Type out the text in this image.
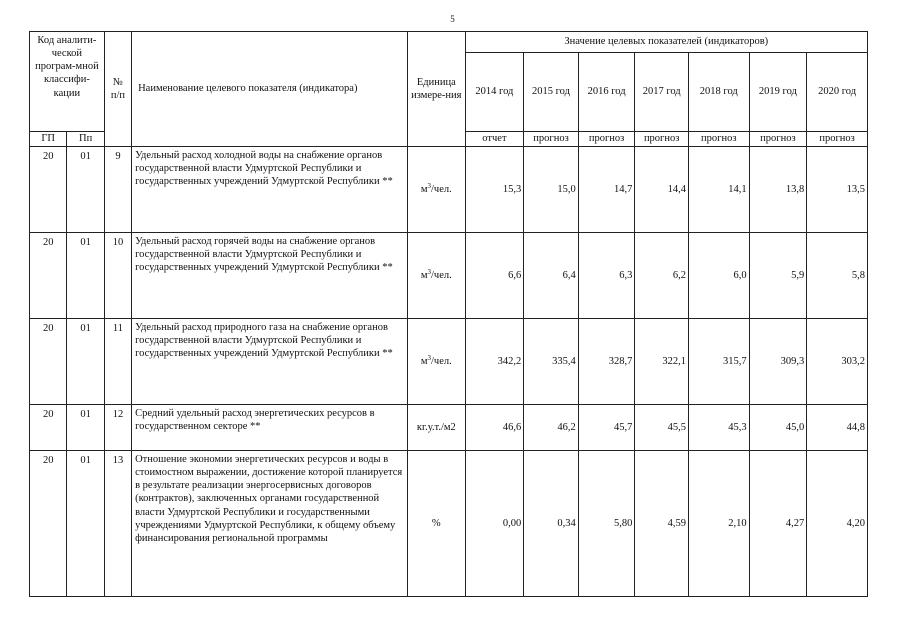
5
Код аналити-ческой програм-мной классифи-кации		№ п/п	Наименование целевого показателя (индикатора)	Единица измере-ния	Значение целевых показателей (индикаторов)						
					2014 год	2015 год	2016 год	2017 год	2018 год	2019 год	2020 год
ГП	Пп				отчет	прогноз	прогноз	прогноз	прогноз	прогноз	прогноз
20	01	9	Удельный расход холодной воды на снабжение органов государственной власти Удмуртской Республики и государственных учреждений Удмуртской Республики **	$м^3$/чел.	15,3	15,0	14,7	14,4	14,1	13,8	13,5
20	01	10	Удельный расход горячей воды на снабжение органов государственной власти Удмуртской Республики и государственных учреждений Удмуртской Республики **	$м^3$/чел.	6,6	6,4	6,3	6,2	6,0	5,9	5,8
20	01	11	Удельный расход природного газа на снабжение органов государственной власти Удмуртской Республики и государственных учреждений Удмуртской Республики **	$м^3$/чел.	342,2	335,4	328,7	322,1	315,7	309,3	303,2
20	01	12	Средний удельный расход энергетических ресурсов в государственном секторе **	кг.у.т./м2	46,6	46,2	45,7	45,5	45,3	45,0	44,8
20	01	13	Отношение экономии энергетических ресурсов и воды в стоимостном выражении, достижение которой планируется в результате реализации энергосервисных договоров (контрактов), заключенных органами государственной власти Удмуртской Республики и государственными учреждениями Удмуртской Республики, к общему объему финансирования региональной программы	%	0,00	0,34	5,80	4,59	2,10	4,27	4,20
